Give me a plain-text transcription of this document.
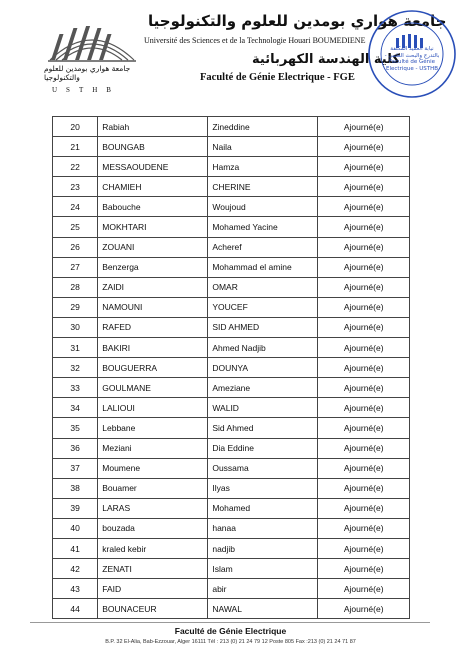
جامعة هواري بومدين للعلوم والتكنولوجيا
USTHB
جامعة هواري بومدين للعلوم والتكنولوجيا
Université des Sciences et de la Technologie Houari BOUMEDIENE
كلية الهندسة الكهربائية
Faculté de Génie Electrique - FGE
نيابة العميد المكلفة بالتدرج والبحث العلمي - Faculté de Génie Electrique - USTHB
20	Rabiah	Zineddine	Ajourné(e)
21	BOUNGAB	Naila	Ajourné(e)
22	MESSAOUDENE	Hamza	Ajourné(e)
23	CHAMIEH	CHERINE	Ajourné(e)
24	Babouche	Woujoud	Ajourné(e)
25	MOKHTARI	Mohamed Yacine	Ajourné(e)
26	ZOUANI	Acheref	Ajourné(e)
27	Benzerga	Mohammad el amine	Ajourné(e)
28	ZAIDI	OMAR	Ajourné(e)
29	NAMOUNI	YOUCEF	Ajourné(e)
30	RAFED	SID AHMED	Ajourné(e)
31	BAKIRI	Ahmed Nadjib	Ajourné(e)
32	BOUGUERRA	DOUNYA	Ajourné(e)
33	GOULMANE	Ameziane	Ajourné(e)
34	LALIOUI	WALID	Ajourné(e)
35	Lebbane	Sid Ahmed	Ajourné(e)
36	Meziani	Dia Eddine	Ajourné(e)
37	Moumene	Oussama	Ajourné(e)
38	Bouamer	Ilyas	Ajourné(e)
39	LARAS	Mohamed	Ajourné(e)
40	bouzada	hanaa	Ajourné(e)
41	kraled kebir	nadjib	Ajourné(e)
42	ZENATI	Islam	Ajourné(e)
43	FAID	abir	Ajourné(e)
44	BOUNACEUR	NAWAL	Ajourné(e)
Faculté de Génie Electrique
B.P. 32 El-Alia, Bab-Ezzouar, Alger 16111 Tél : 213 (0) 21 24 79 12 Poste 805 Fax :213 (0) 21 24 71 87
